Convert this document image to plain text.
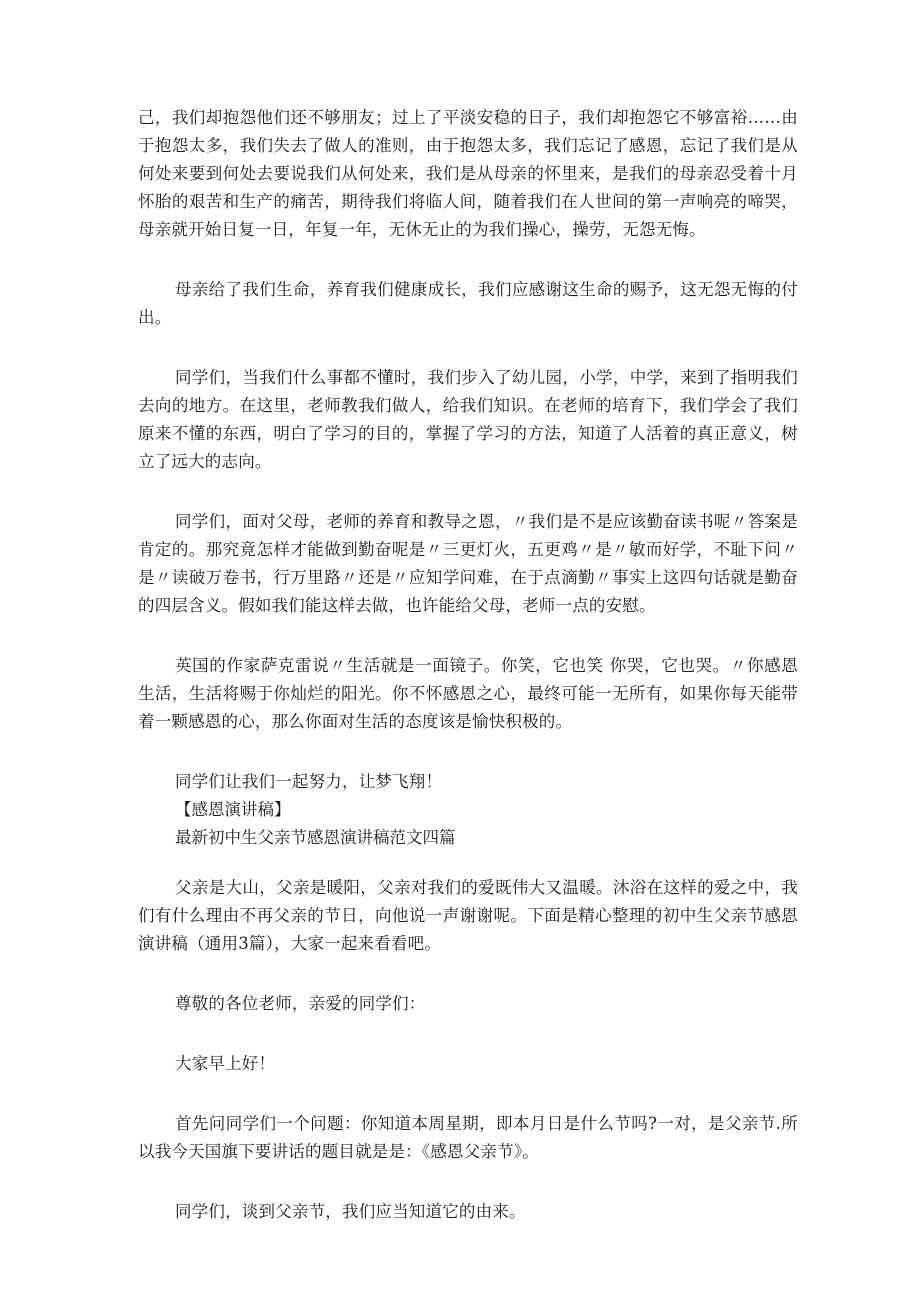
己，我们却抱怨他们还不够朋友；过上了平淡安稳的日子，我们却抱怨它不够富裕……由于抱怨太多，我们失去了做人的准则，由于抱怨太多，我们忘记了感恩，忘记了我们是从何处来要到何处去要说我们从何处来，我们是从母亲的怀里来，是我们的母亲忍受着十月怀胎的艰苦和生产的痛苦，期待我们将临人间，随着我们在人世间的第一声响亮的啼哭，母亲就开始日复一日，年复一年，无休无止的为我们操心，操劳，无怨无悔。

母亲给了我们生命，养育我们健康成长，我们应感谢这生命的赐予，这无怨无悔的付出。

同学们，当我们什么事都不懂时，我们步入了幼儿园，小学，中学，来到了指明我们去向的地方。在这里，老师教我们做人，给我们知识。在老师的培育下，我们学会了我们原来不懂的东西，明白了学习的目的，掌握了学习的方法，知道了人活着的真正意义，树立了远大的志向。

同学们，面对父母，老师的养育和教导之恩，〃我们是不是应该勤奋读书呢〃答案是肯定的。那究竟怎样才能做到勤奋呢是〃三更灯火，五更鸡〃是〃敏而好学，不耻下问〃是〃读破万卷书，行万里路〃还是〃应知学问难，在于点滴勤〃事实上这四句话就是勤奋的四层含义。假如我们能这样去做，也许能给父母，老师一点的安慰。

英国的作家萨克雷说〃生活就是一面镜子。你笑，它也笑 你哭，它也哭。〃你感恩生活，生活将赐于你灿烂的阳光。你不怀感恩之心，最终可能一无所有，如果你每天能带着一颗感恩的心，那么你面对生活的态度该是愉快积极的。

同学们让我们一起努力，让梦飞翔！

【感恩演讲稿】

最新初中生父亲节感恩演讲稿范文四篇

父亲是大山，父亲是暖阳，父亲对我们的爱既伟大又温暖。沐浴在这样的爱之中，我们有什么理由不再父亲的节日，向他说一声谢谢呢。下面是精心整理的初中生父亲节感恩演讲稿（通用3篇），大家一起来看看吧。

尊敬的各位老师，亲爱的同学们：

大家早上好！

首先问同学们一个问题：你知道本周星期，即本月日是什么节吗?一对，是父亲节.所以我今天国旗下要讲话的题目就是是：《感恩父亲节》。

同学们，谈到父亲节，我们应当知道它的由来。
